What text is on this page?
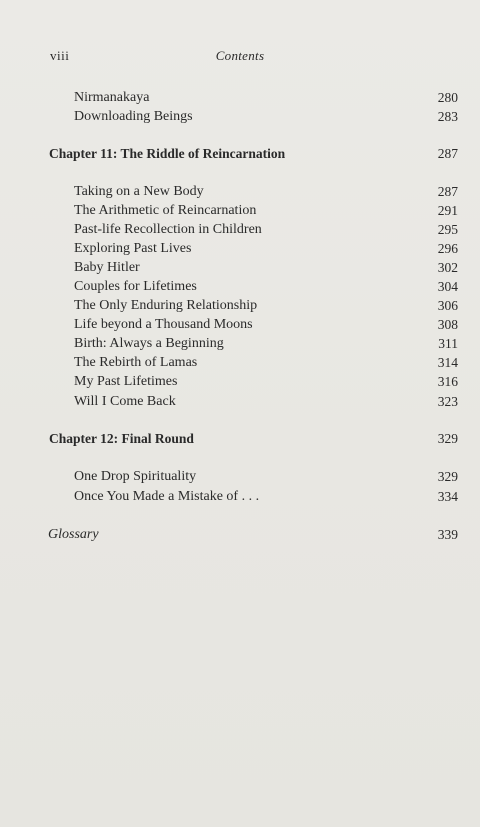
viii	Contents
Nirmanakaya	280
Downloading Beings	283
Chapter 11: The Riddle of Reincarnation	287
Taking on a New Body	287
The Arithmetic of Reincarnation	291
Past-life Recollection in Children	295
Exploring Past Lives	296
Baby Hitler	302
Couples for Lifetimes	304
The Only Enduring Relationship	306
Life beyond a Thousand Moons	308
Birth: Always a Beginning	311
The Rebirth of Lamas	314
My Past Lifetimes	316
Will I Come Back	323
Chapter 12: Final Round	329
One Drop Spirituality	329
Once You Made a Mistake of . . .	334
Glossary	339
